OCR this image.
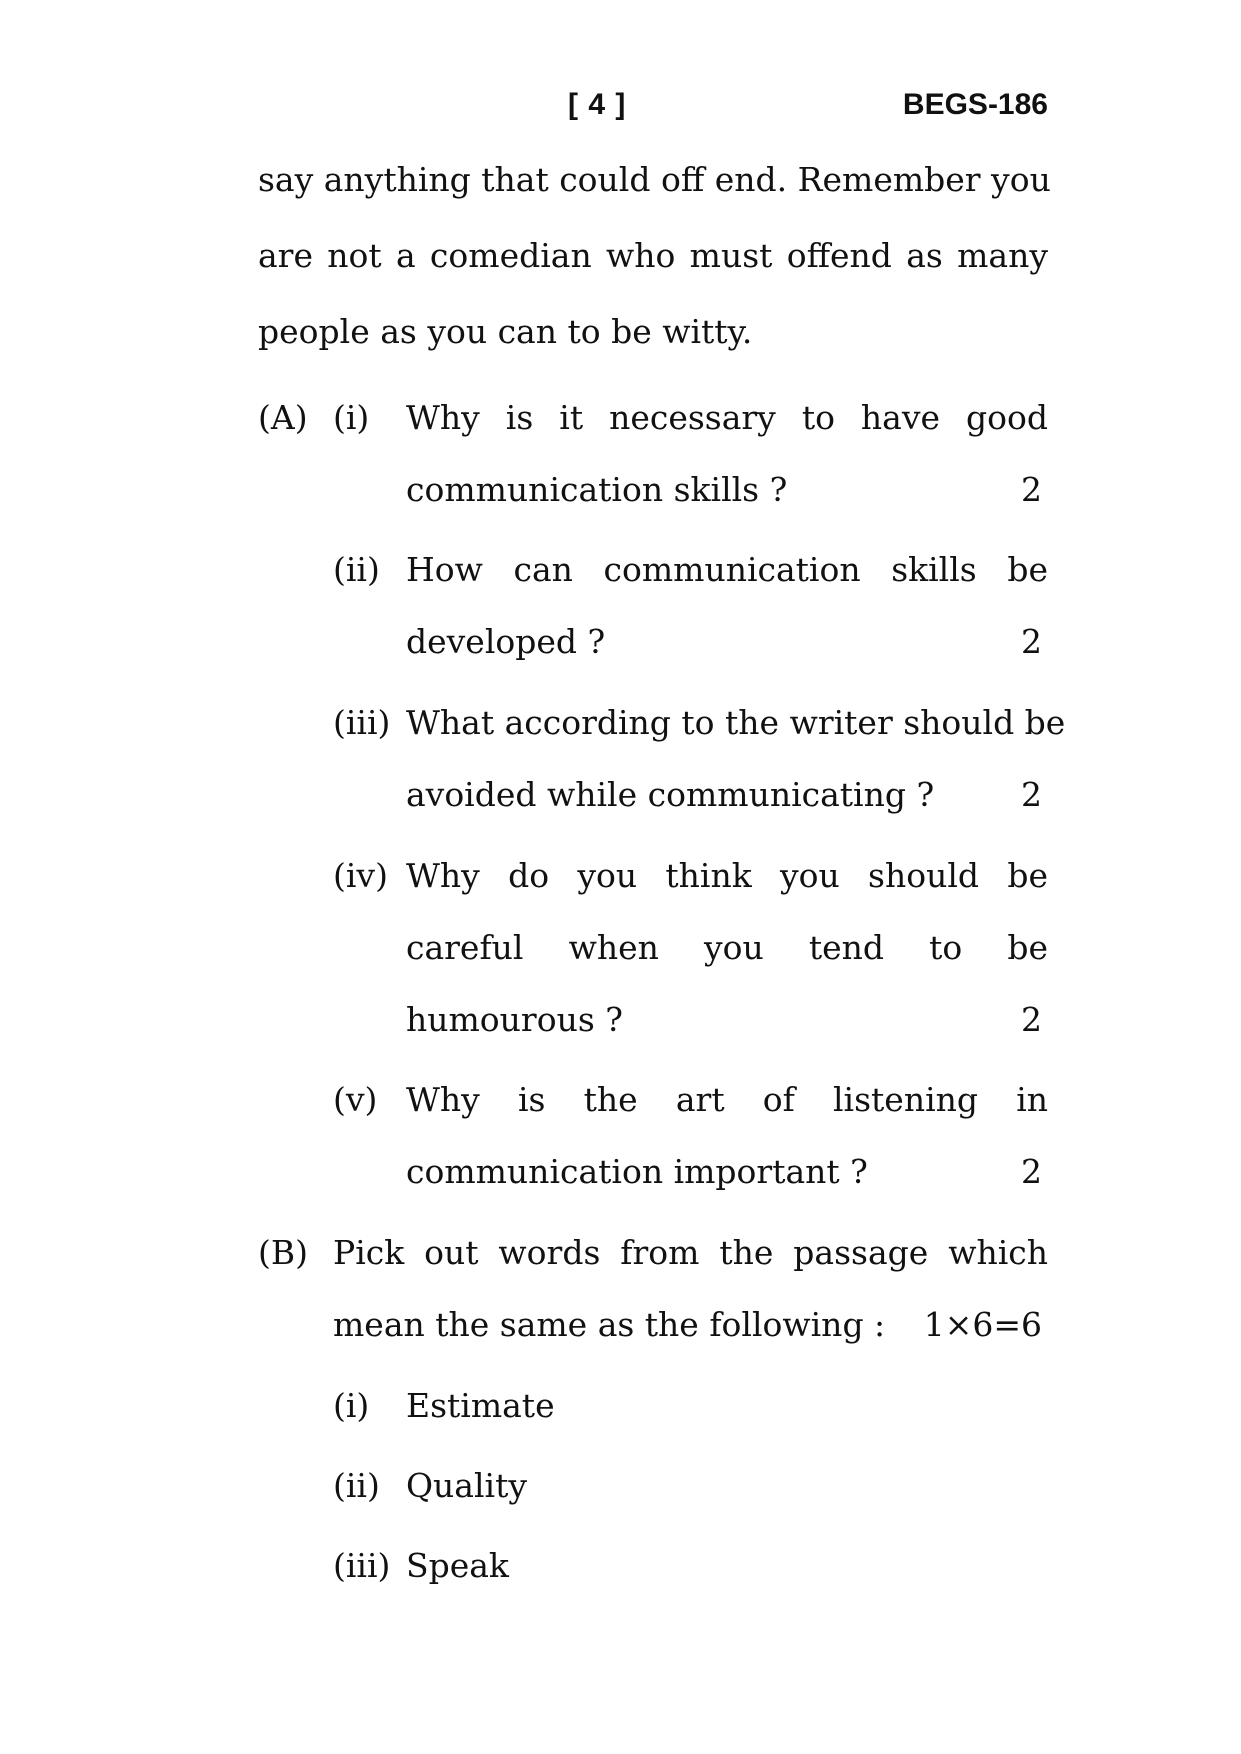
[ 4 ]	BEGS-186
say anything that could off end. Remember you
are not a comedian who must offend as many
people as you can to be witty.
(A) (i) Why is it necessary to have good
communication skills ?	2
(ii) How can communication skills be
developed ?	2
(iii) What according to the writer should be
avoided while communicating ?	2
(iv) Why do you think you should be
careful when you tend to be
humourous ?	2
(v) Why is the art of listening in
communication important ?	2
(B) Pick out words from the passage which
mean the same as the following :	1×6=6
(i) Estimate
(ii) Quality
(iii) Speak
